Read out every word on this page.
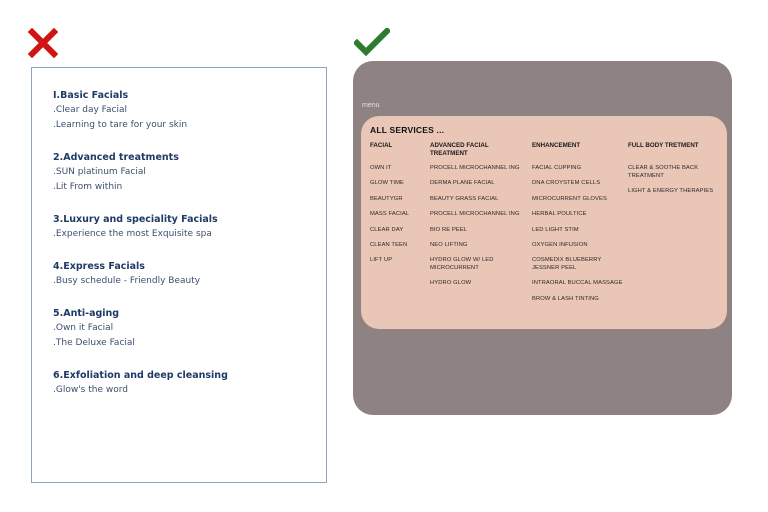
I.Basic Facials
.Clear day Facial
.Learning to tare for your skin
2.Advanced treatments
.SUN platinum Facial
.Lit From within
3.Luxury and speciality Facials
.Experience the most Exquisite spa
4.Express Facials
.Busy schedule - Friendly Beauty
5.Anti-aging
.Own it Facial
.The Deluxe Facial
6.Exfoliation and deep cleansing
.Glow's the word
menu
ALL SERVICES ...
FACIAL
OWN IT
GLOW TIME
BEAUTYGR
MASS FACIAL
CLEAR DAY
CLEAN TEEN
LIFT UP
ADVANCED FACIAL TREATMENT
PROCELL MICROCHANNEL ING
DERMA PLANE FACIAL
BEAUTY GRASS FACIAL
PROCELL MICROCHANNEL ING
BIO RE PEEL
NEO LIFTING
HYDRO GLOW W/ LED MICROCURRENT
HYDRO GLOW
ENHANCEMENT
FACIAL CUPPING
DNA CROYSTEM CELLS
MICROCURRENT GLOVES
HERBAL POULTICE
LED LIGHT STIM
OXYGEN INFUSION
COSMEDIX BLUEBERRY JESSNER PEEL
INTRAORAL BUCCAL MASSAGE
BROW & LASH TINTING
FULL BODY TRETMENT
CLEAR & SOOTHE BACK TREATMENT
LIGHT & ENERGY THERAPIES
